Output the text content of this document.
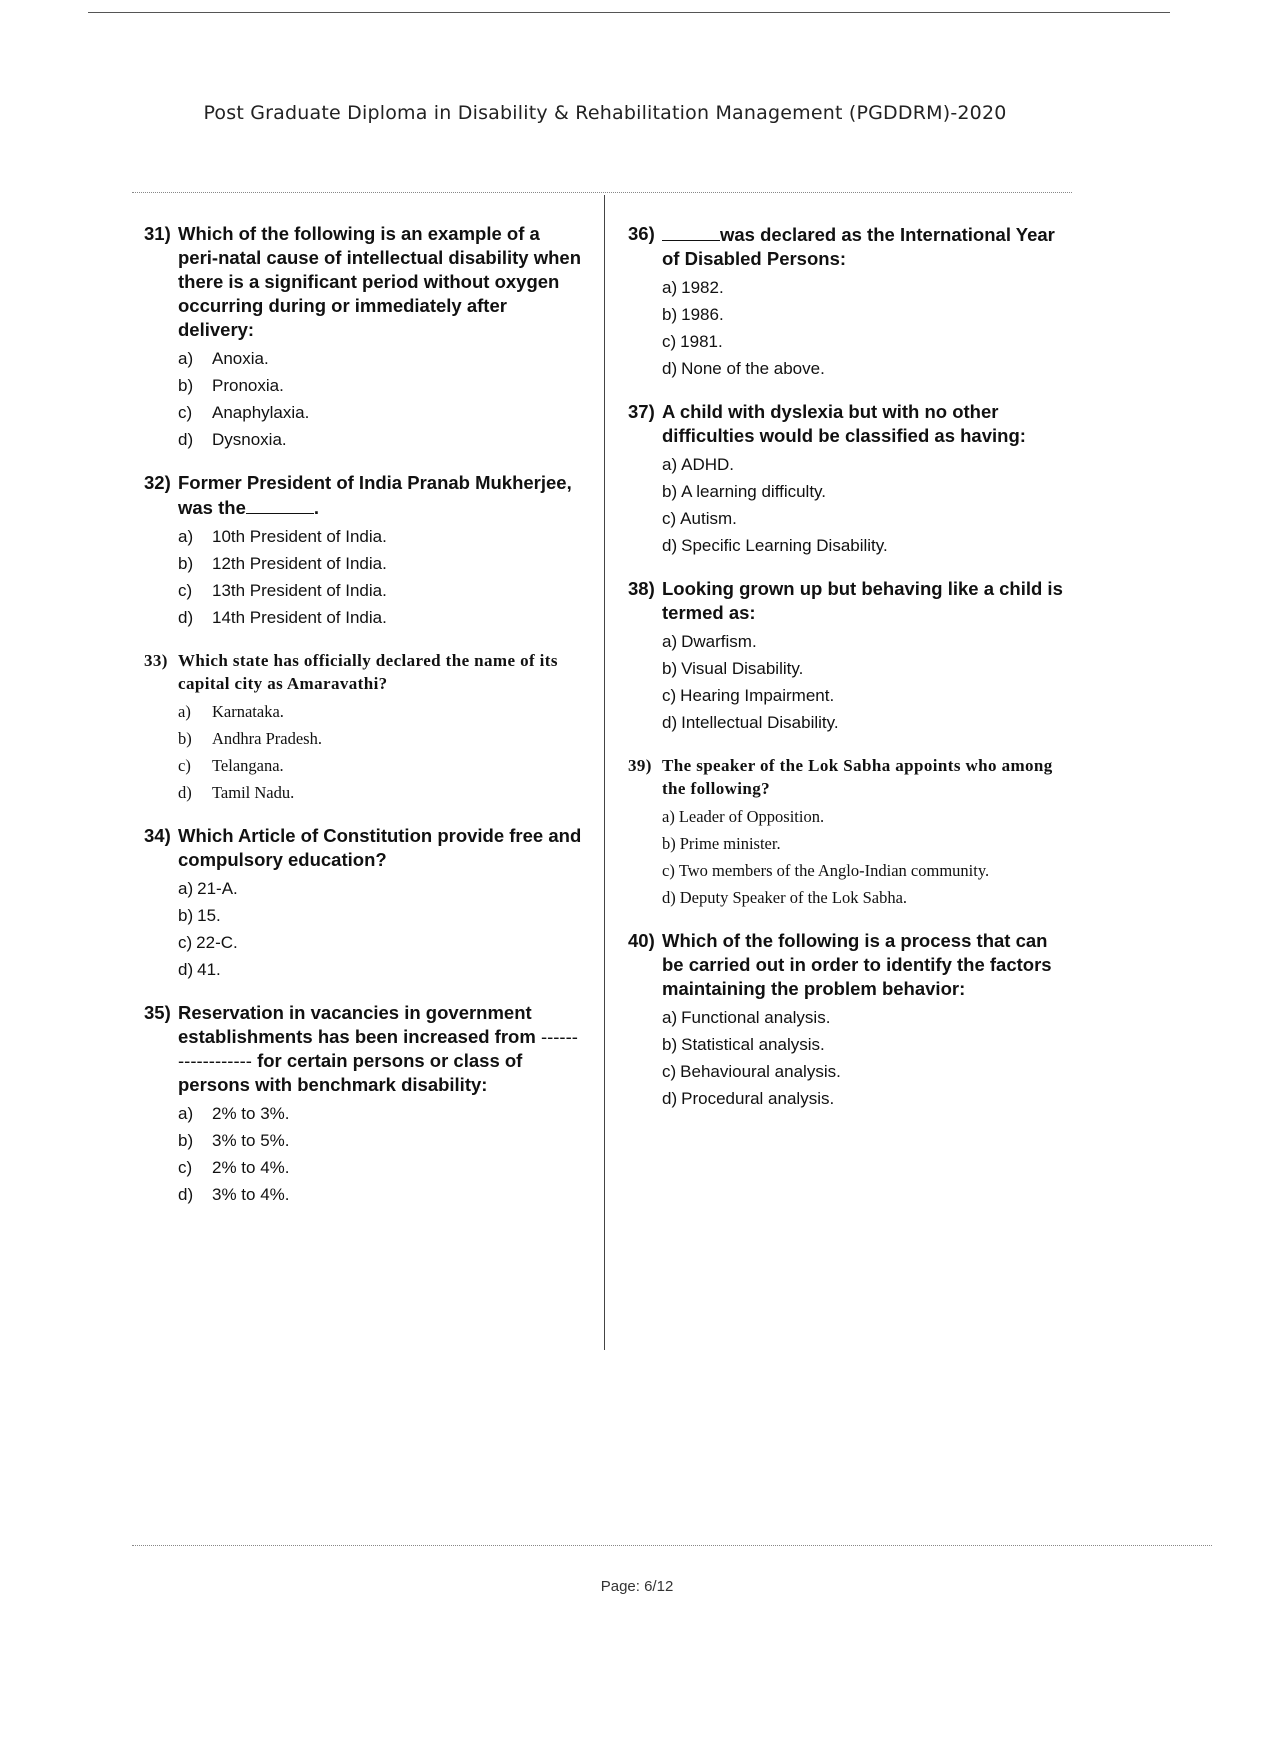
Post Graduate Diploma in Disability & Rehabilitation Management (PGDDRM)-2020
31) Which of the following is an example of a peri-natal cause of intellectual disability when there is a significant period without oxygen occurring during or immediately after delivery:
a)	Anoxia.
b)	Pronoxia.
c)	Anaphylaxia.
d)	Dysnoxia.
32) Former President of India Pranab Mukherjee, was the	.
a)	10th President of India.
b)	12th President of India.
c)	13th President of India.
d)	14th President of India.
33) Which state has officially declared the name of its capital city as Amaravathi?
a)	Karnataka.
b)	Andhra Pradesh.
c)	Telangana.
d)	Tamil Nadu.
34) Which Article of Constitution provide free and compulsory education?
a) 21-A.
b) 15.
c) 22-C.
d) 41.
35) Reservation in vacancies in government establishments has been increased from ------------------ for certain persons or class of persons with benchmark disability:
a)	2% to 3%.
b)	3% to 5%.
c)	2% to 4%.
d)	3% to 4%.
36)	was declared as the International Year of Disabled Persons:
a) 1982.
b) 1986.
c) 1981.
d) None of the above.
37) A child with dyslexia but with no other difficulties would be classified as having:
a) ADHD.
b) A learning difficulty.
c) Autism.
d) Specific Learning Disability.
38) Looking grown up but behaving like a child is termed as:
a) Dwarfism.
b) Visual Disability.
c) Hearing Impairment.
d) Intellectual Disability.
39) The speaker of the Lok Sabha appoints who among the following?
a) Leader of Opposition.
b) Prime minister.
c) Two members of the Anglo-Indian community.
d) Deputy Speaker of the Lok Sabha.
40) Which of the following is a process that can be carried out in order to identify the factors maintaining the problem behavior:
a) Functional analysis.
b) Statistical analysis.
c) Behavioural analysis.
d) Procedural analysis.
Page: 6/12
